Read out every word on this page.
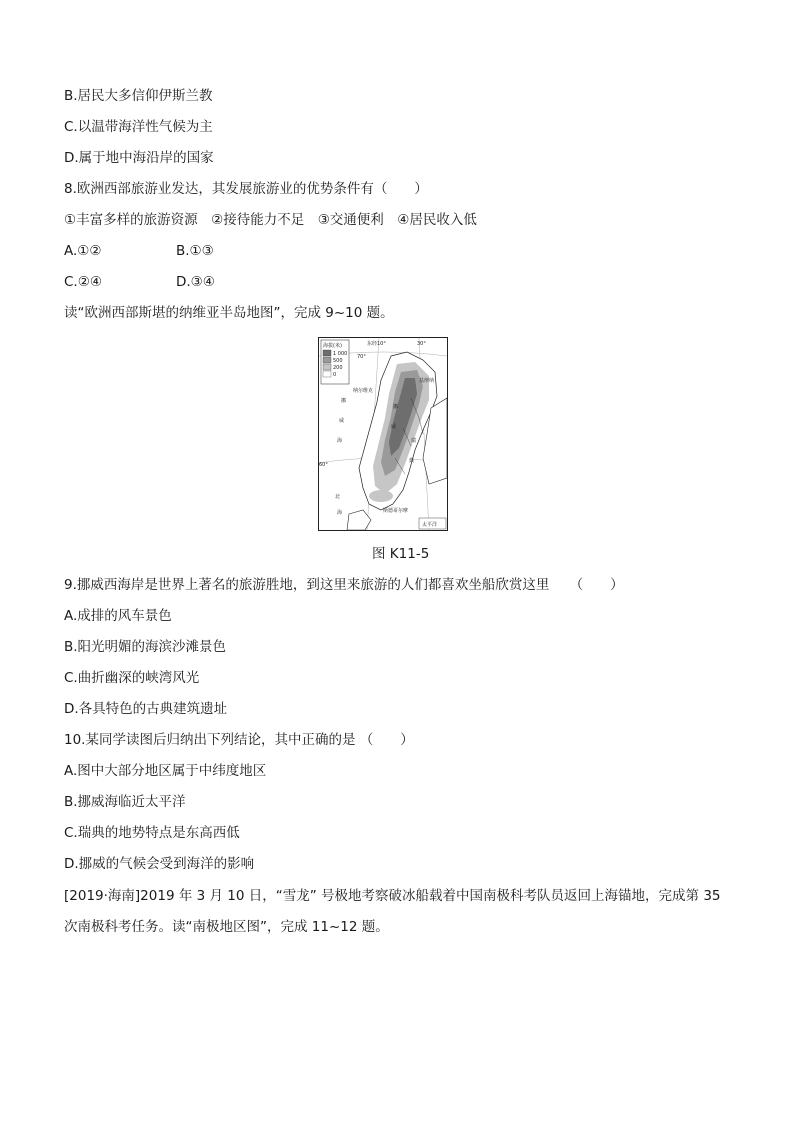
B.居民大多信仰伊斯兰教
C.以温带海洋性气候为主
D.属于地中海沿岸的国家
8.欧洲西部旅游业发达，其发展旅游业的优势条件有（　　）
①丰富多样的旅游资源　②接待能力不足　③交通便利　④居民收入低
A.①②	B.①③
C.②④	D.③④
读“欧洲西部斯堪的纳维亚半岛地图”，完成 9~10 题。
海拔(米)
1 000
500
200
0
东经10°	30°
70°
60°
基律纳
纳尔维克
斯德哥尔摩
挪
威
海
北
海
挪
威
瑞
典
太平洋
图 K11-5
9.挪威西海岸是世界上著名的旅游胜地，到这里来旅游的人们都喜欢坐船欣赏这里　　（　　）
A.成排的风车景色
B.阳光明媚的海滨沙滩景色
C.曲折幽深的峡湾风光
D.各具特色的古典建筑遗址
10.某同学读图后归纳出下列结论，其中正确的是 （　　）
A.图中大部分地区属于中纬度地区
B.挪威海临近太平洋
C.瑞典的地势特点是东高西低
D.挪威的气候会受到海洋的影响
[2019·海南]2019 年 3 月 10 日，“雪龙” 号极地考察破冰船载着中国南极科考队员返回上海锚地，完成第 35
次南极科考任务。读“南极地区图”，完成 11~12 题。
